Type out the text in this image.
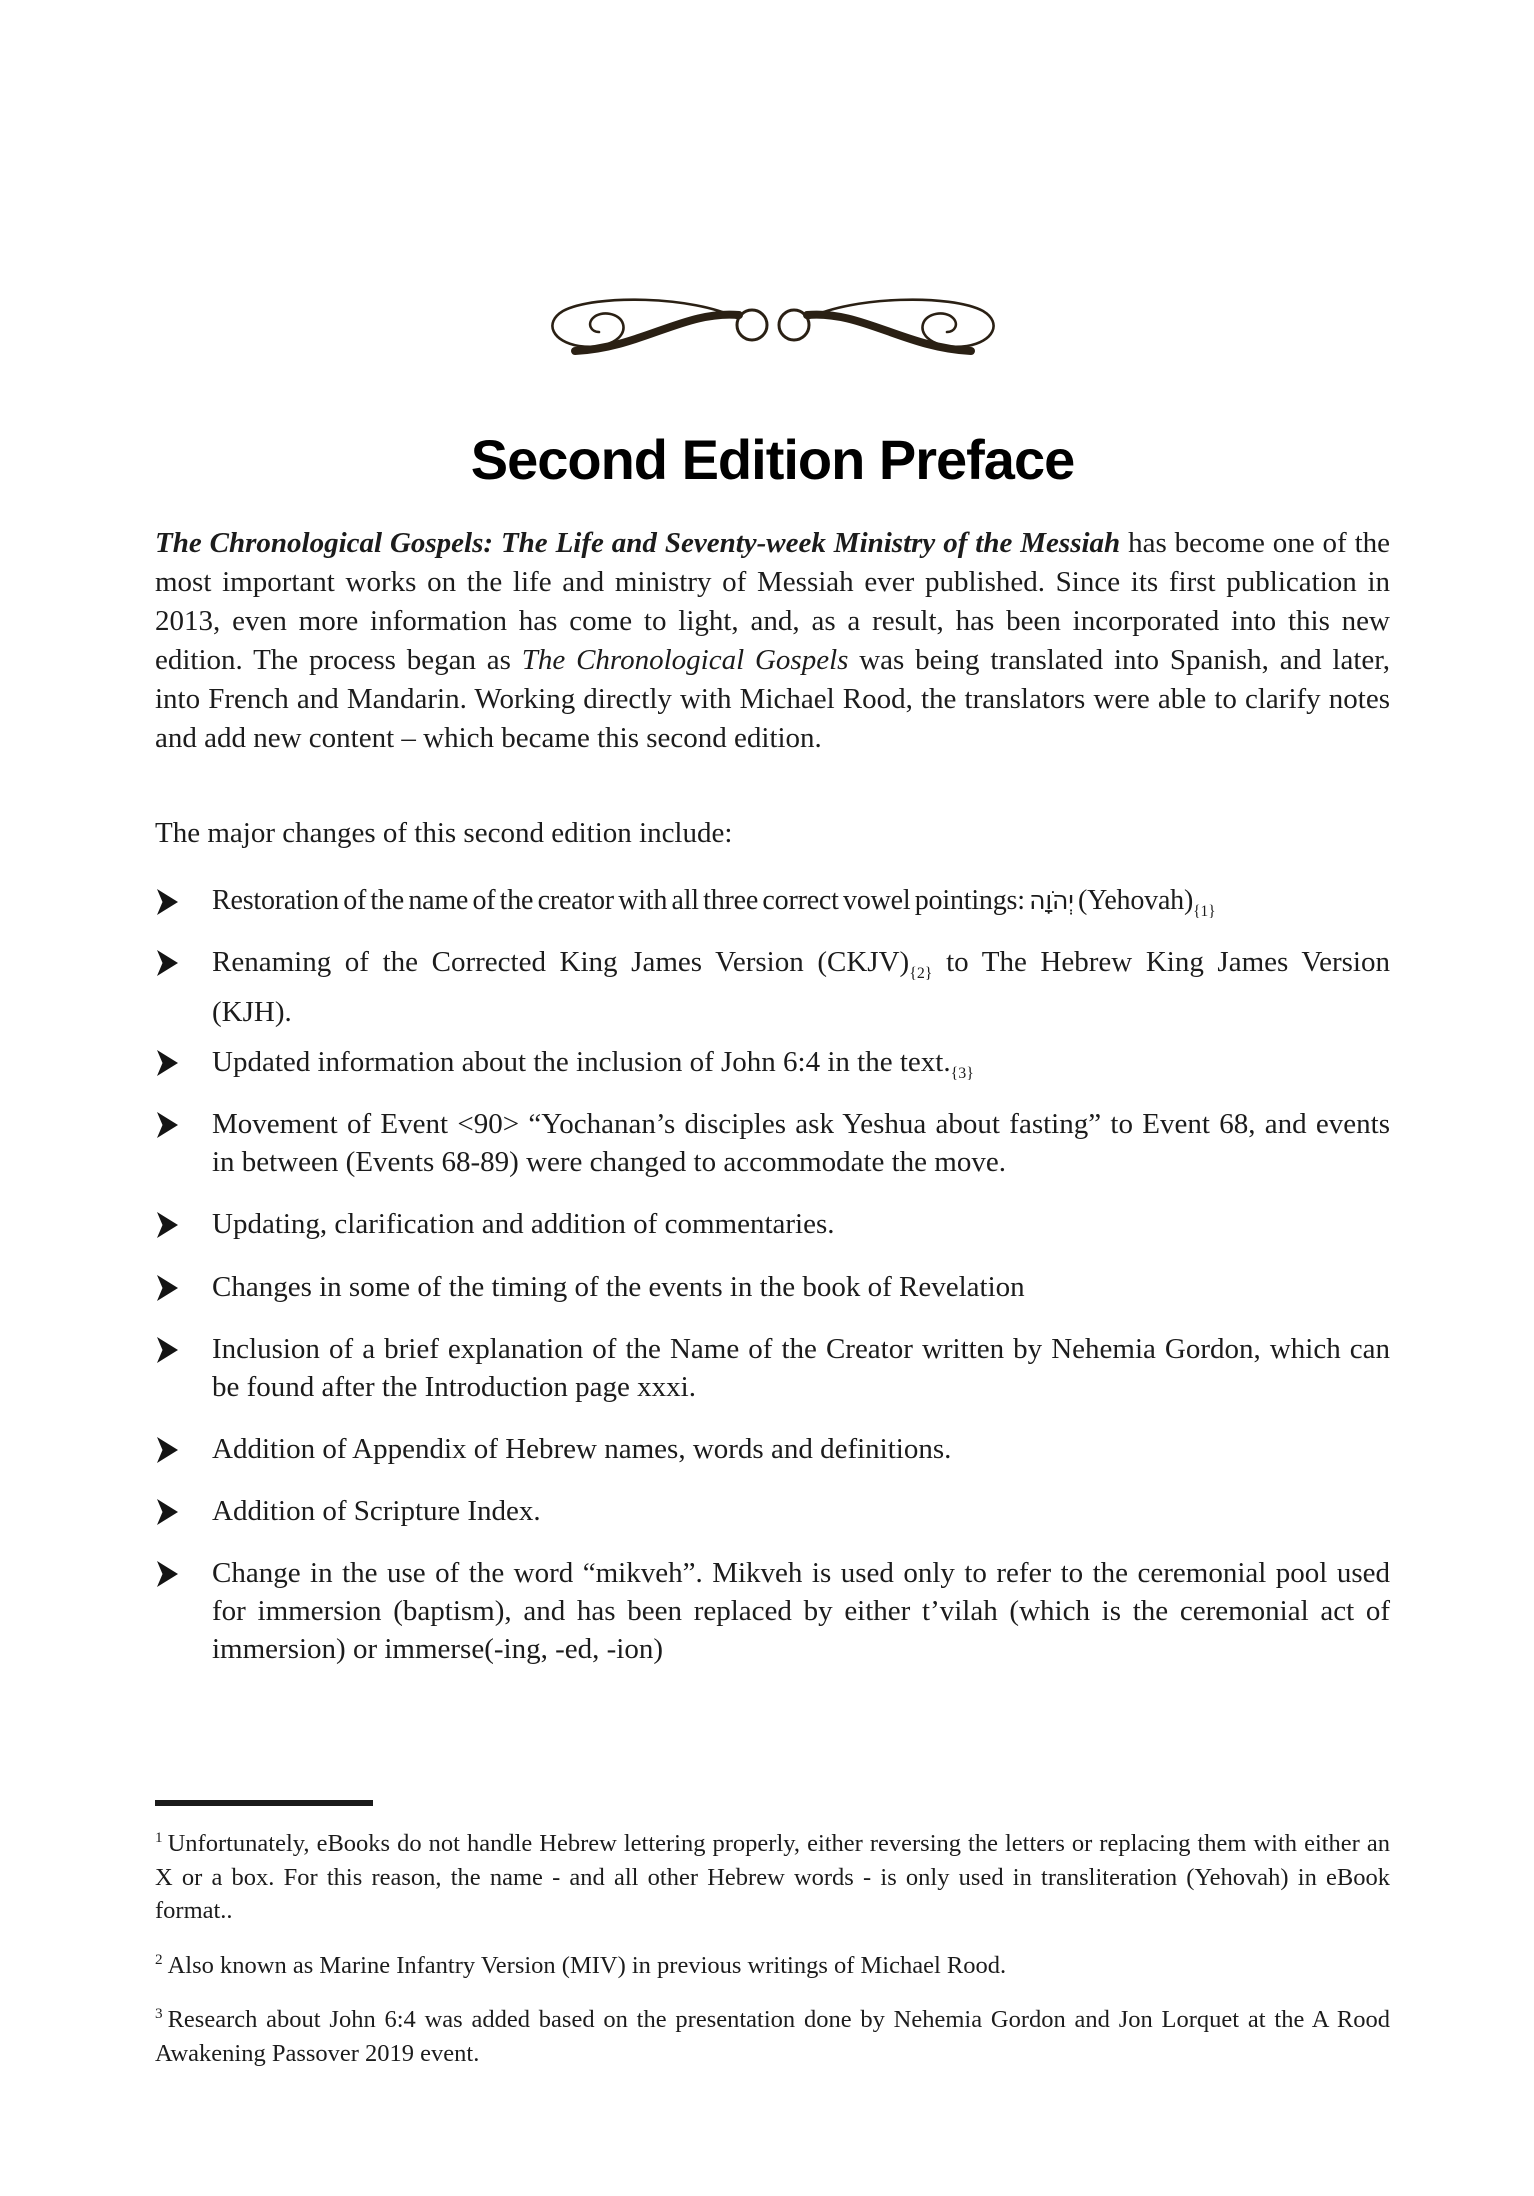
Second Edition Preface

The Chronological Gospels: The Life and Seventy-week Ministry of the Messiah has become one of the most important works on the life and ministry of Messiah ever published. Since its first publication in 2013, even more information has come to light, and, as a result, has been incorporated into this new edition. The process began as The Chronological Gospels was being translated into Spanish, and later, into French and Mandarin. Working directly with Michael Rood, the translators were able to clarify notes and add new content – which became this second edition.

The major changes of this second edition include:

Restoration of the name of the creator with all three correct vowel pointings: יְהֹוָה $(Yehovah)_{\{1\}}$
Renaming of the Corrected King James Version $(CKJV)_{\{2\}}$ to The Hebrew King James Version (KJH).
Updated information about the inclusion of John 6:4 in the $text._{\{3\}}$
Movement of Event <90> “Yochanan’s disciples ask Yeshua about fasting” to Event 68, and events in between (Events 68-89) were changed to accommodate the move.
Updating, clarification and addition of commentaries.
Changes in some of the timing of the events in the book of Revelation
Inclusion of a brief explanation of the Name of the Creator written by Nehemia Gordon, which can be found after the Introduction page xxxi.
Addition of Appendix of Hebrew names, words and definitions.
Addition of Scripture Index.
Change in the use of the word “mikveh”. Mikveh is used only to refer to the ceremonial pool used for immersion (baptism), and has been replaced by either t’vilah (which is the ceremonial act of immersion) or immerse(-ing, -ed, -ion)
$^1$ Unfortunately, eBooks do not handle Hebrew lettering properly, either reversing the letters or replacing them with either an X or a box. For this reason, the name - and all other Hebrew words - is only used in transliteration (Yehovah) in eBook format..
$^2$ Also known as Marine Infantry Version (MIV) in previous writings of Michael Rood.
$^3$ Research about John 6:4 was added based on the presentation done by Nehemia Gordon and Jon Lorquet at the A Rood Awakening Passover 2019 event.
